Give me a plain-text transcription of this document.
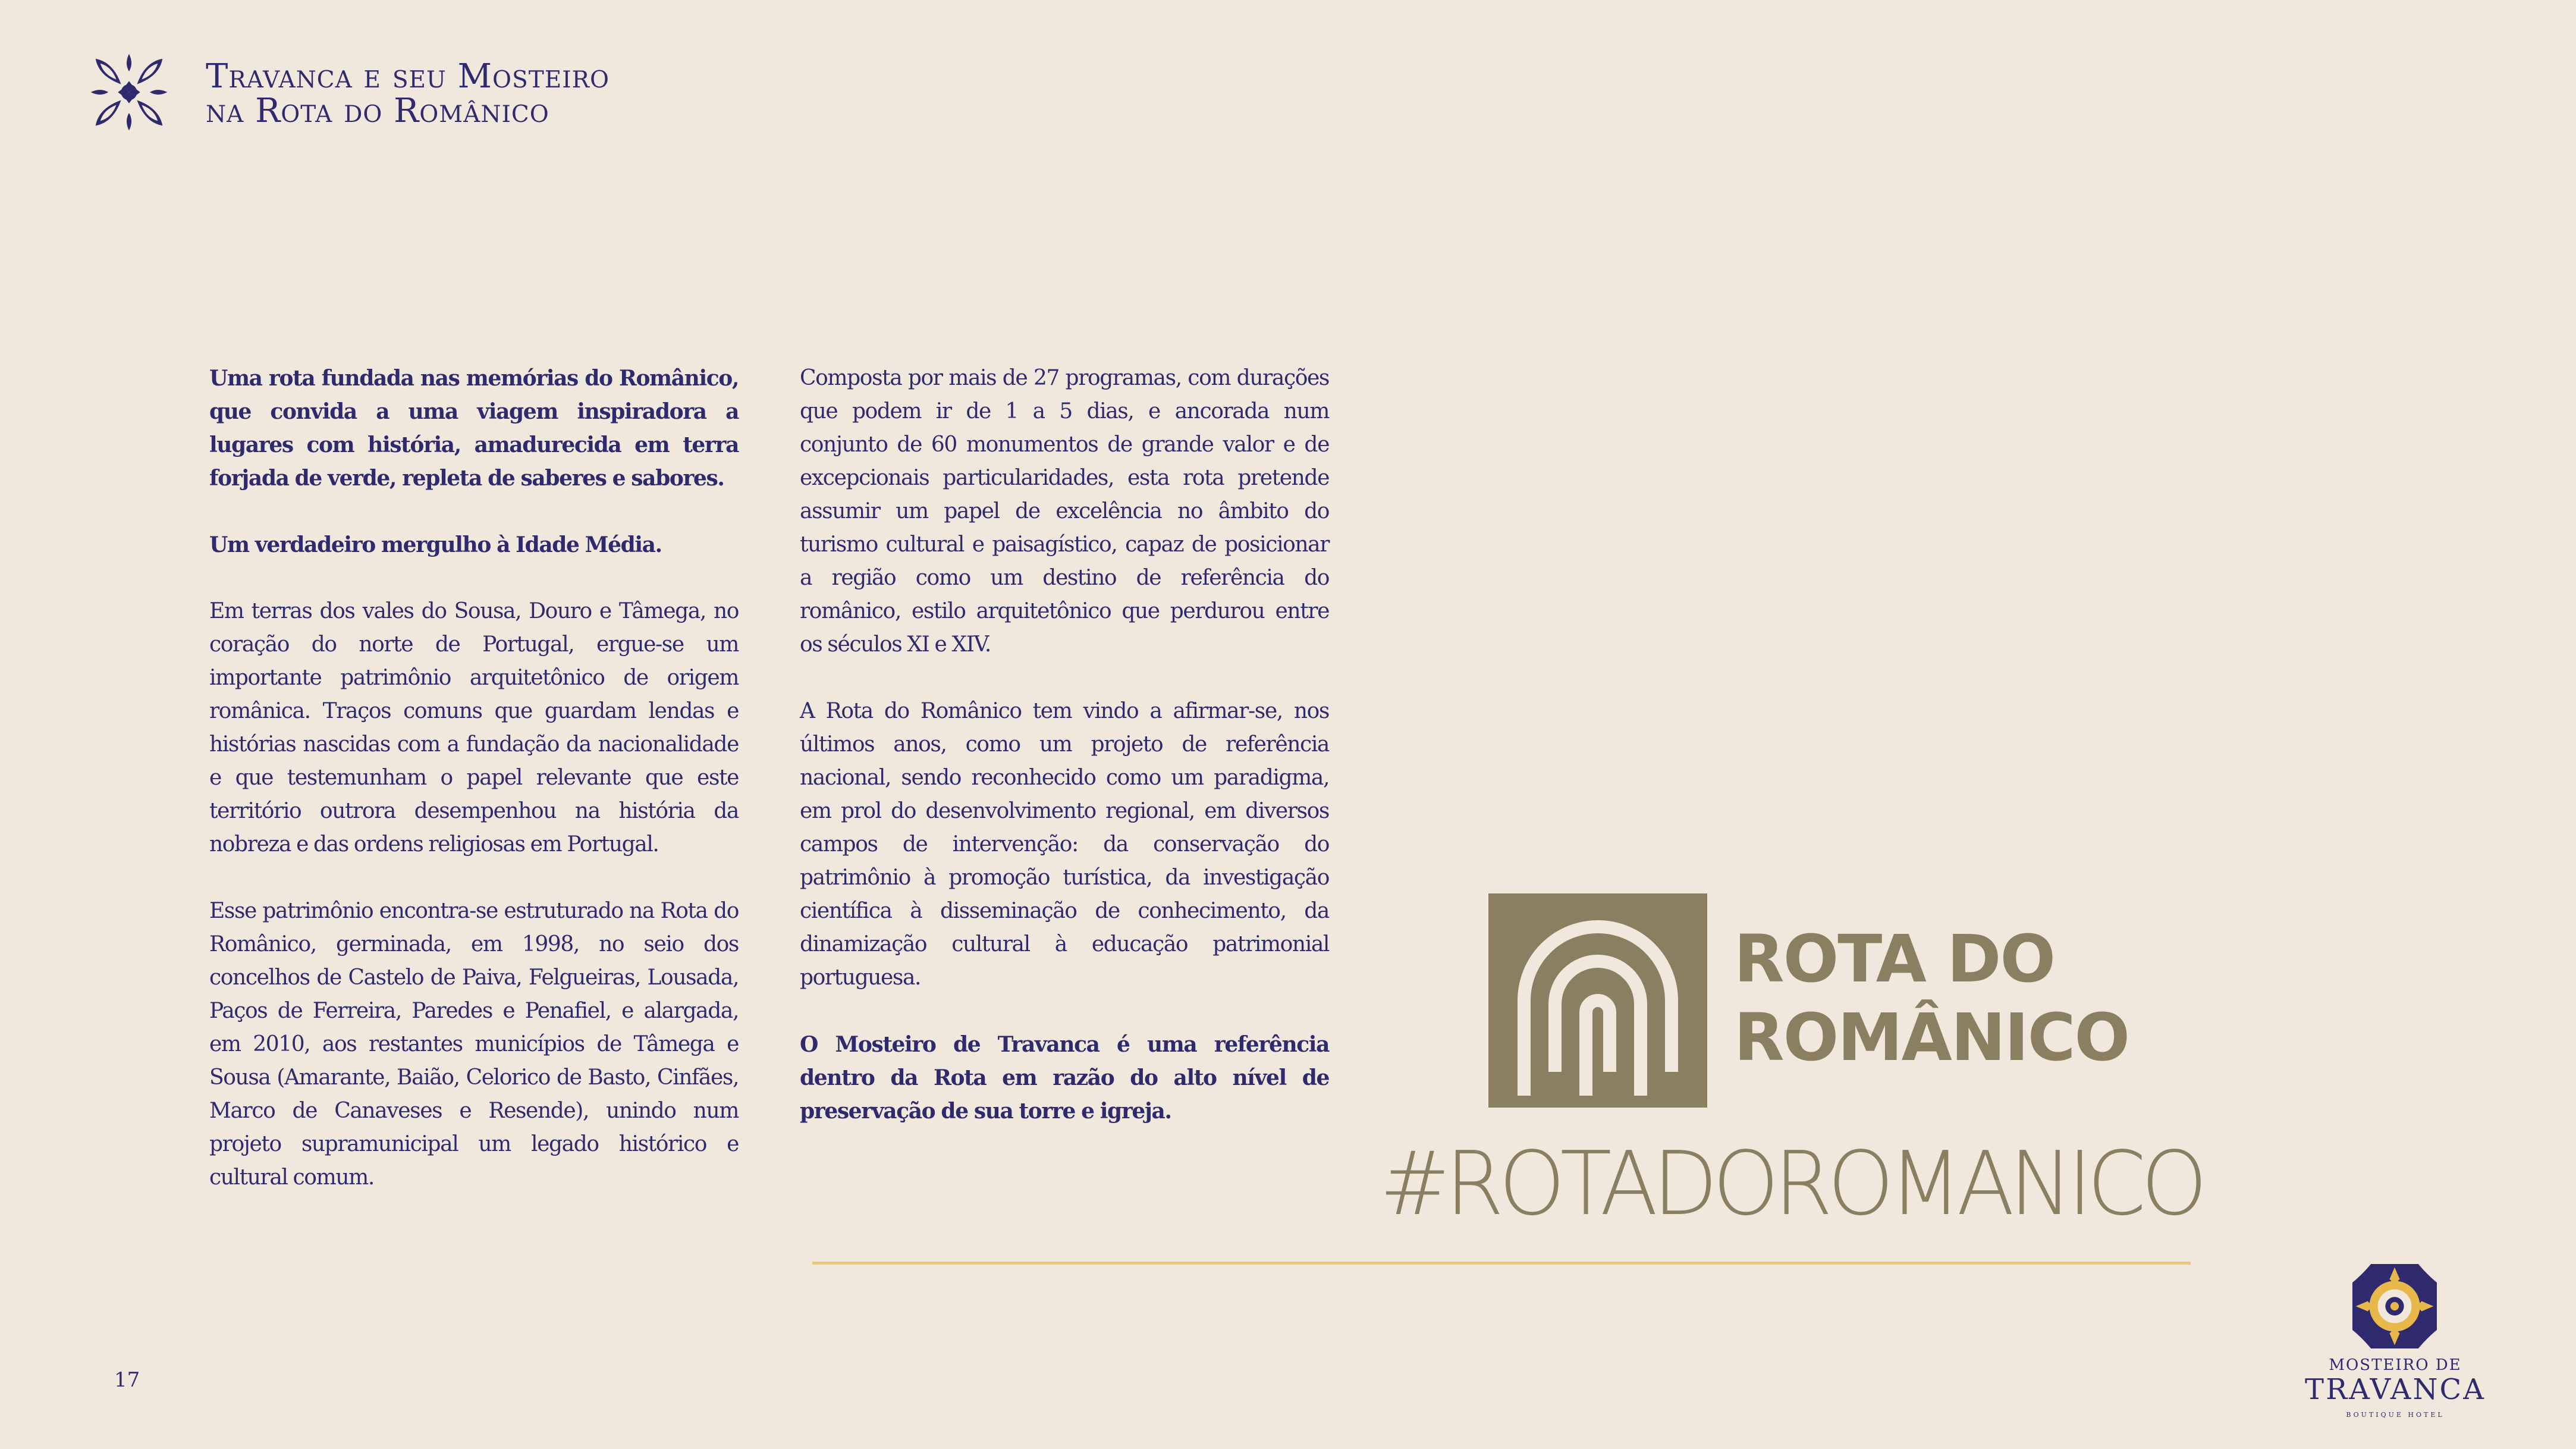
Travanca e seu Mosteiro
na Rota do Românico

Uma rota fundada nas memórias do Românico, que convida a uma viagem inspiradora a lugares com história, amadurecida em terra forjada de verde, repleta de saberes e sabores.

Um verdadeiro mergulho à Idade Média.

Em terras dos vales do Sousa, Douro e Tâmega, no coração do norte de Portugal, ergue-se um importante patrimônio arquitetônico de origem românica. Traços comuns que guardam lendas e histórias nascidas com a fundação da nacionalidade e que testemunham o papel relevante que este território outrora desempenhou na história da nobreza e das ordens religiosas em Portugal.

Esse patrimônio encontra-se estruturado na Rota do Românico, germinada, em 1998, no seio dos concelhos de Castelo de Paiva, Felgueiras, Lousada, Paços de Ferreira, Paredes e Penafiel, e alargada, em 2010, aos restantes municípios de Tâmega e Sousa (Amarante, Baião, Celorico de Basto, Cinfães, Marco de Canaveses e Resende), unindo num projeto supramunicipal um legado histórico e cultural comum.

Composta por mais de 27 programas, com durações que podem ir de 1 a 5 dias, e ancorada num conjunto de 60 monumentos de grande valor e de excepcionais particularidades, esta rota pretende assumir um papel de excelência no âmbito do turismo cultural e paisagístico, capaz de posicionar a região como um destino de referência do românico, estilo arquitetônico que perdurou entre os séculos XI e XIV.

A Rota do Românico tem vindo a afirmar-se, nos últimos anos, como um projeto de referência nacional, sendo reconhecido como um paradigma, em prol do desenvolvimento regional, em diversos campos de intervenção: da conservação do patrimônio à promoção turística, da investigação científica à disseminação de conhecimento, da dinamização cultural à educação patrimonial portuguesa.

O Mosteiro de Travanca é uma referência dentro da Rota em razão do alto nível de preservação de sua torre e igreja.

ROTA DO
ROMÂNICO
#ROTADOROMANICO
17
MOSTEIRO DE
TRAVANCA
BOUTIQUE HOTEL
